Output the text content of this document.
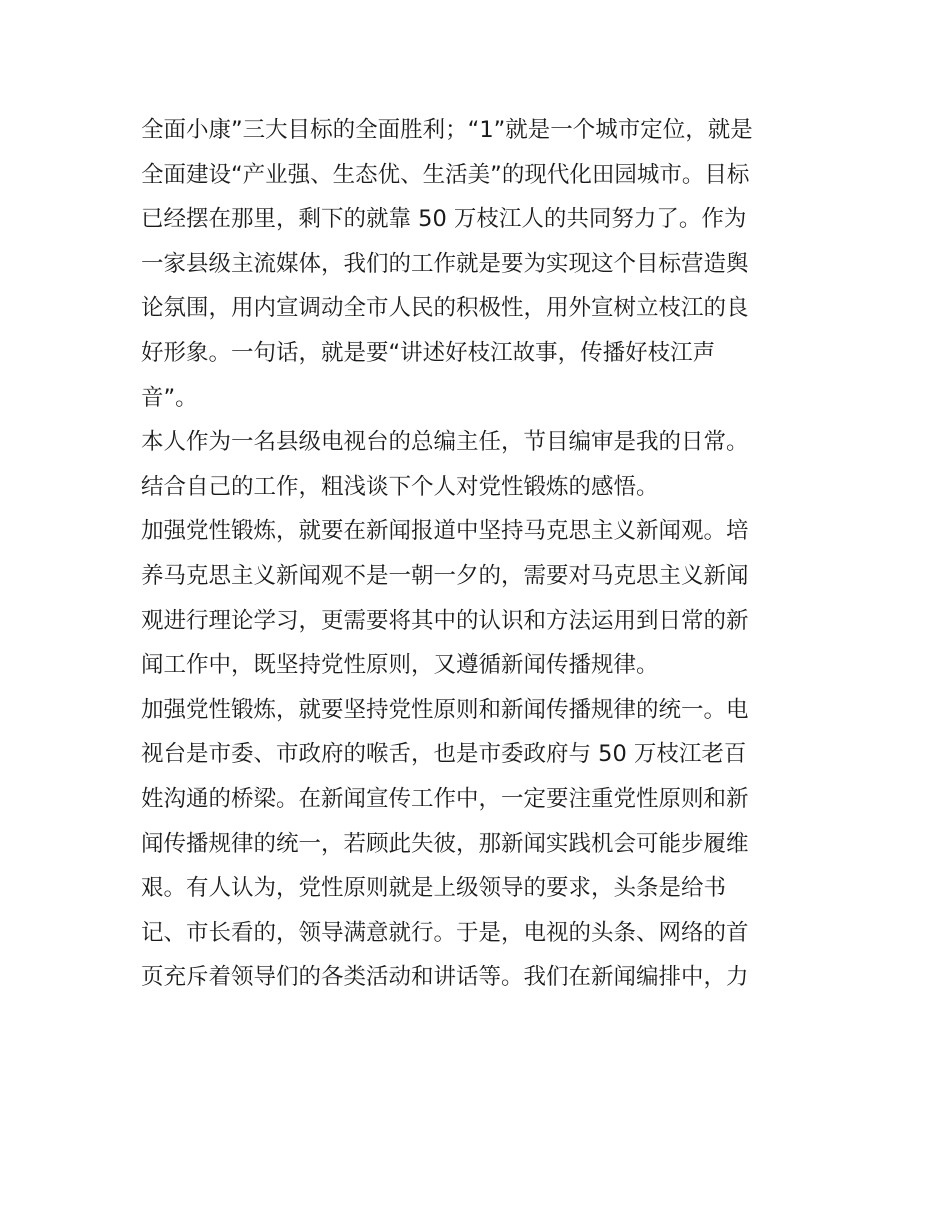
全面小康”三大目标的全面胜利；“1”就是一个城市定位，就是
全面建设“产业强、生态优、生活美”的现代化田园城市。目标
已经摆在那里，剩下的就靠 50 万枝江人的共同努力了。作为
一家县级主流媒体，我们的工作就是要为实现这个目标营造舆
论氛围，用内宣调动全市人民的积极性，用外宣树立枝江的良
好形象。一句话，就是要“讲述好枝江故事，传播好枝江声
音”。
本人作为一名县级电视台的总编主任，节目编审是我的日常。
结合自己的工作，粗浅谈下个人对党性锻炼的感悟。
加强党性锻炼，就要在新闻报道中坚持马克思主义新闻观。培
养马克思主义新闻观不是一朝一夕的，需要对马克思主义新闻
观进行理论学习，更需要将其中的认识和方法运用到日常的新
闻工作中，既坚持党性原则，又遵循新闻传播规律。
加强党性锻炼，就要坚持党性原则和新闻传播规律的统一。电
视台是市委、市政府的喉舌，也是市委政府与 50 万枝江老百
姓沟通的桥梁。在新闻宣传工作中，一定要注重党性原则和新
闻传播规律的统一，若顾此失彼，那新闻实践机会可能步履维
艰。有人认为，党性原则就是上级领导的要求，头条是给书
记、市长看的，领导满意就行。于是，电视的头条、网络的首
页充斥着领导们的各类活动和讲话等。我们在新闻编排中，力
